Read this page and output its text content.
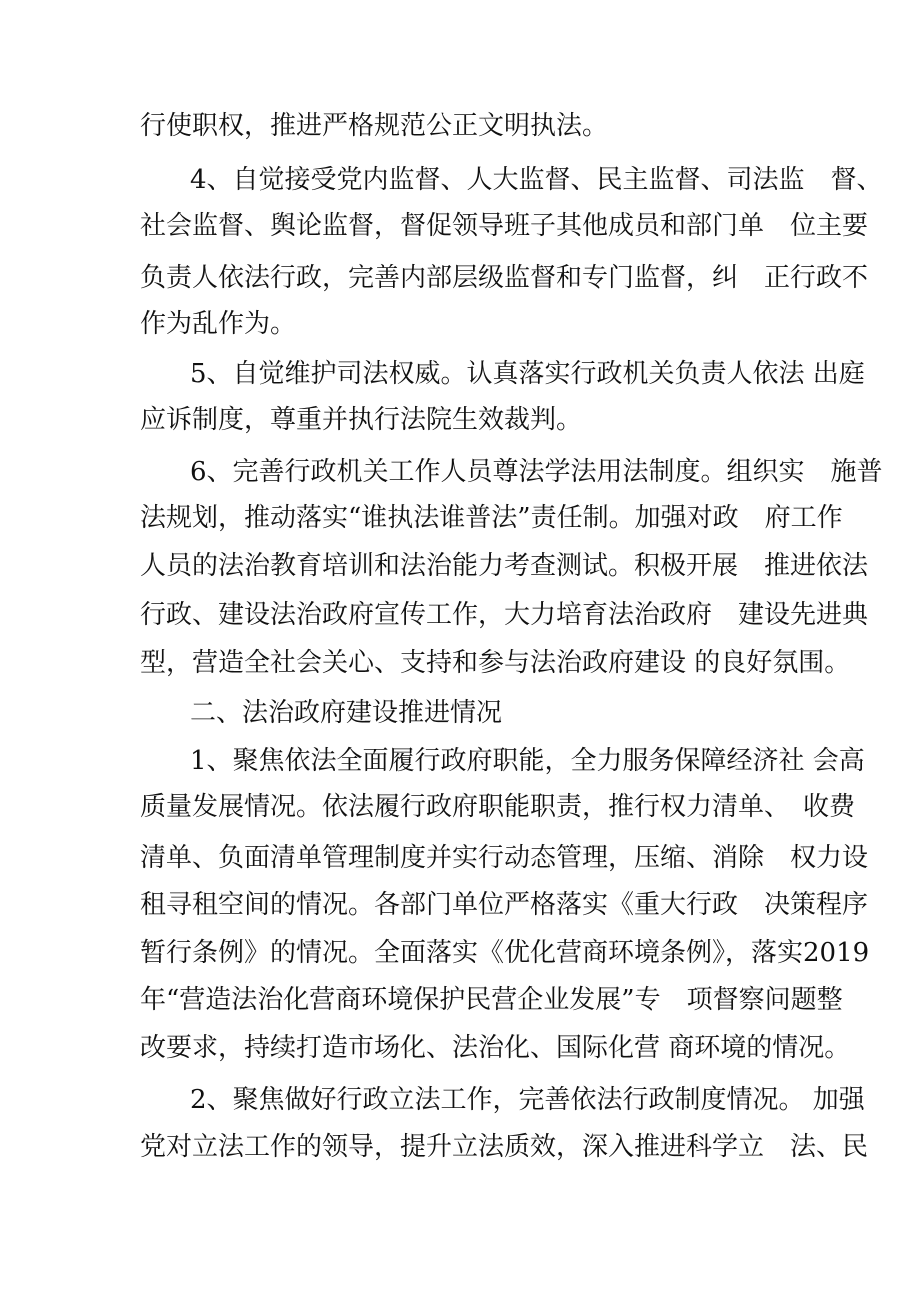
行使职权，推进严格规范公正文明执法。
4、自觉接受党内监督、人大监督、民主监督、司法监　督、
社会监督、舆论监督，督促领导班子其他成员和部门单　位主要
负责人依法行政，完善内部层级监督和专门监督，纠　正行政不
作为乱作为。
5、自觉维护司法权威。认真落实行政机关负责人依法 出庭
应诉制度，尊重并执行法院生效裁判。
6、完善行政机关工作人员尊法学法用法制度。组织实　施普
法规划，推动落实“谁执法谁普法”责任制。加强对政　府工作
人员的法治教育培训和法治能力考查测试。积极开展　推进依法
行政、建设法治政府宣传工作，大力培育法治政府　建设先进典
型，营造全社会关心、支持和参与法治政府建设 的良好氛围。
二、法治政府建设推进情况
1、聚焦依法全面履行政府职能，全力服务保障经济社 会高
质量发展情况。依法履行政府职能职责，推行权力清单、　收费
清单、负面清单管理制度并实行动态管理，压缩、消除　权力设
租寻租空间的情况。各部门单位严格落实《重大行政　决策程序
暂行条例》的情况。全面落实《优化营商环境条例》，落实2019
年“营造法治化营商环境保护民营企业发展”专　项督察问题整
改要求，持续打造市场化、法治化、国际化营 商环境的情况。
2、聚焦做好行政立法工作，完善依法行政制度情况。 加强
党对立法工作的领导，提升立法质效，深入推进科学立　法、民
